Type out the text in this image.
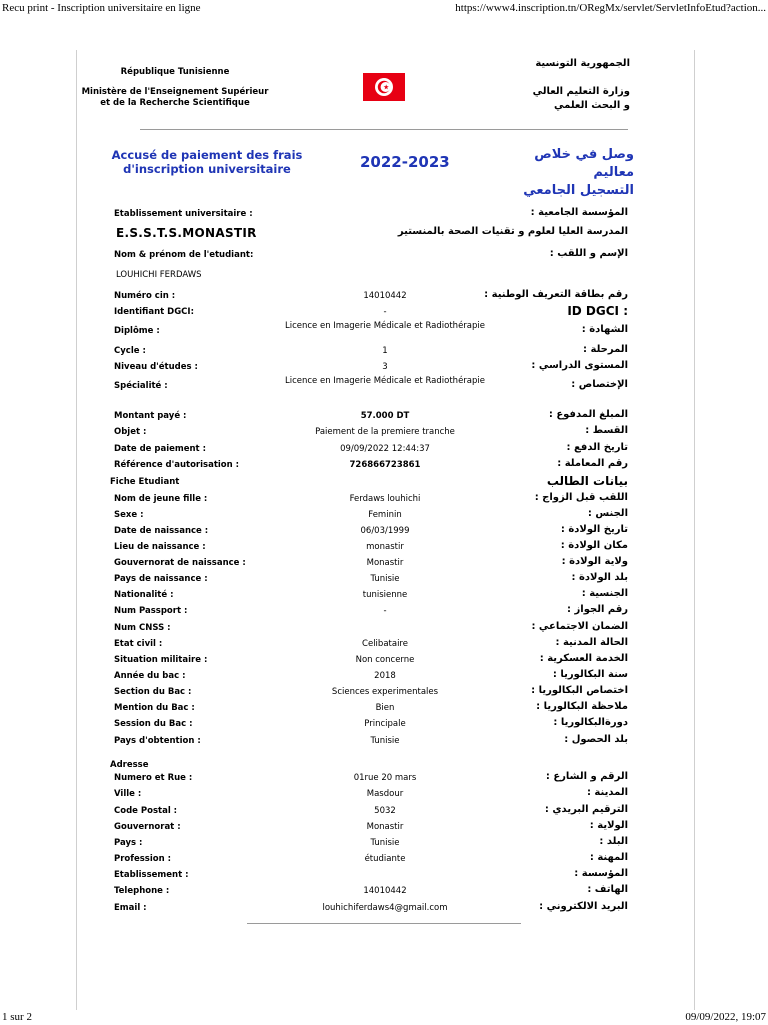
Recu print - Inscription universitaire en ligne	https://www4.inscription.tn/ORegMx/servlet/ServletInfoEtud?action...
République Tunisienne
Ministère de l'Enseignement Supérieur
et de la Recherche Scientifique
الجمهورية التونسية
وزارة التعليم العالي
و البحث العلمي
Accusé de paiement des frais
d'inscription universitaire	2022-2023	وصل في خلاص معاليم
التسجيل الجامعي
Etablissement universitaire :	المؤسسة الجامعية :
E.S.S.T.S.MONASTIR	المدرسة العليا لعلوم و تقنيات الصحة بالمنستير
Nom & prénom de l'etudiant:	الإسم و اللقب :
LOUHICHI FERDAWS
Numéro cin :	14010442	رقم بطاقة التعريف الوطنية :
Identifiant DGCI:	-	: ID DGCI
Diplôme :	Licence en Imagerie Médicale et Radiothérapie	الشهادة :
Cycle :	1	المرحلة :
Niveau d'études :	3	المستوى الدراسي :
Spécialité :	Licence en Imagerie Médicale et Radiothérapie	الإختصاص :
Montant payé :	57.000 DT	المبلغ المدفوع :
Objet :	Paiement de la premiere tranche	القسط :
Date de paiement :	09/09/2022 12:44:37	تاريخ الدفع :
Référence d'autorisation :	726866723861	رقم المعاملة :
Fiche Etudiant	بيانات الطالب
Nom de jeune fille :	Ferdaws louhichi	اللقب قبل الزواج :
Sexe :	Feminin	الجنس :
Date de naissance :	06/03/1999	تاريخ الولادة :
Lieu de naissance :	monastir	مكان الولادة :
Gouvernorat de naissance :	Monastir	ولاية الولادة :
Pays de naissance :	Tunisie	بلد الولادة :
Nationalité :	tunisienne	الجنسية :
Num Passport :	-	رقم الجواز :
Num CNSS :	الضمان الاجتماعي :
Etat civil :	Celibataire	الحالة المدنية :
Situation militaire :	Non concerne	الخدمة العسكرية :
Année du bac :	2018	سنة البكالوريا :
Section du Bac :	Sciences experimentales	اختصاص البكالوريا :
Mention du Bac :	Bien	ملاحظة البكالوريا :
Session du Bac :	Principale	دورةالبكالوريا :
Pays d'obtention :	Tunisie	بلد الحصول :
Adresse
Numero et Rue :	01rue 20 mars	الرقم و الشارع :
Ville :	Masdour	المدينة :
Code Postal :	5032	الترقيم البريدي :
Gouvernorat :	Monastir	الولاية :
Pays :	Tunisie	البلد :
Profession :	étudiante	المهنة :
Etablissement :	المؤسسة :
Telephone :	14010442	الهاتف :
Email :	louhichiferdaws4@gmail.com	البريد الالكتروني :
1 sur 2	09/09/2022, 19:07
